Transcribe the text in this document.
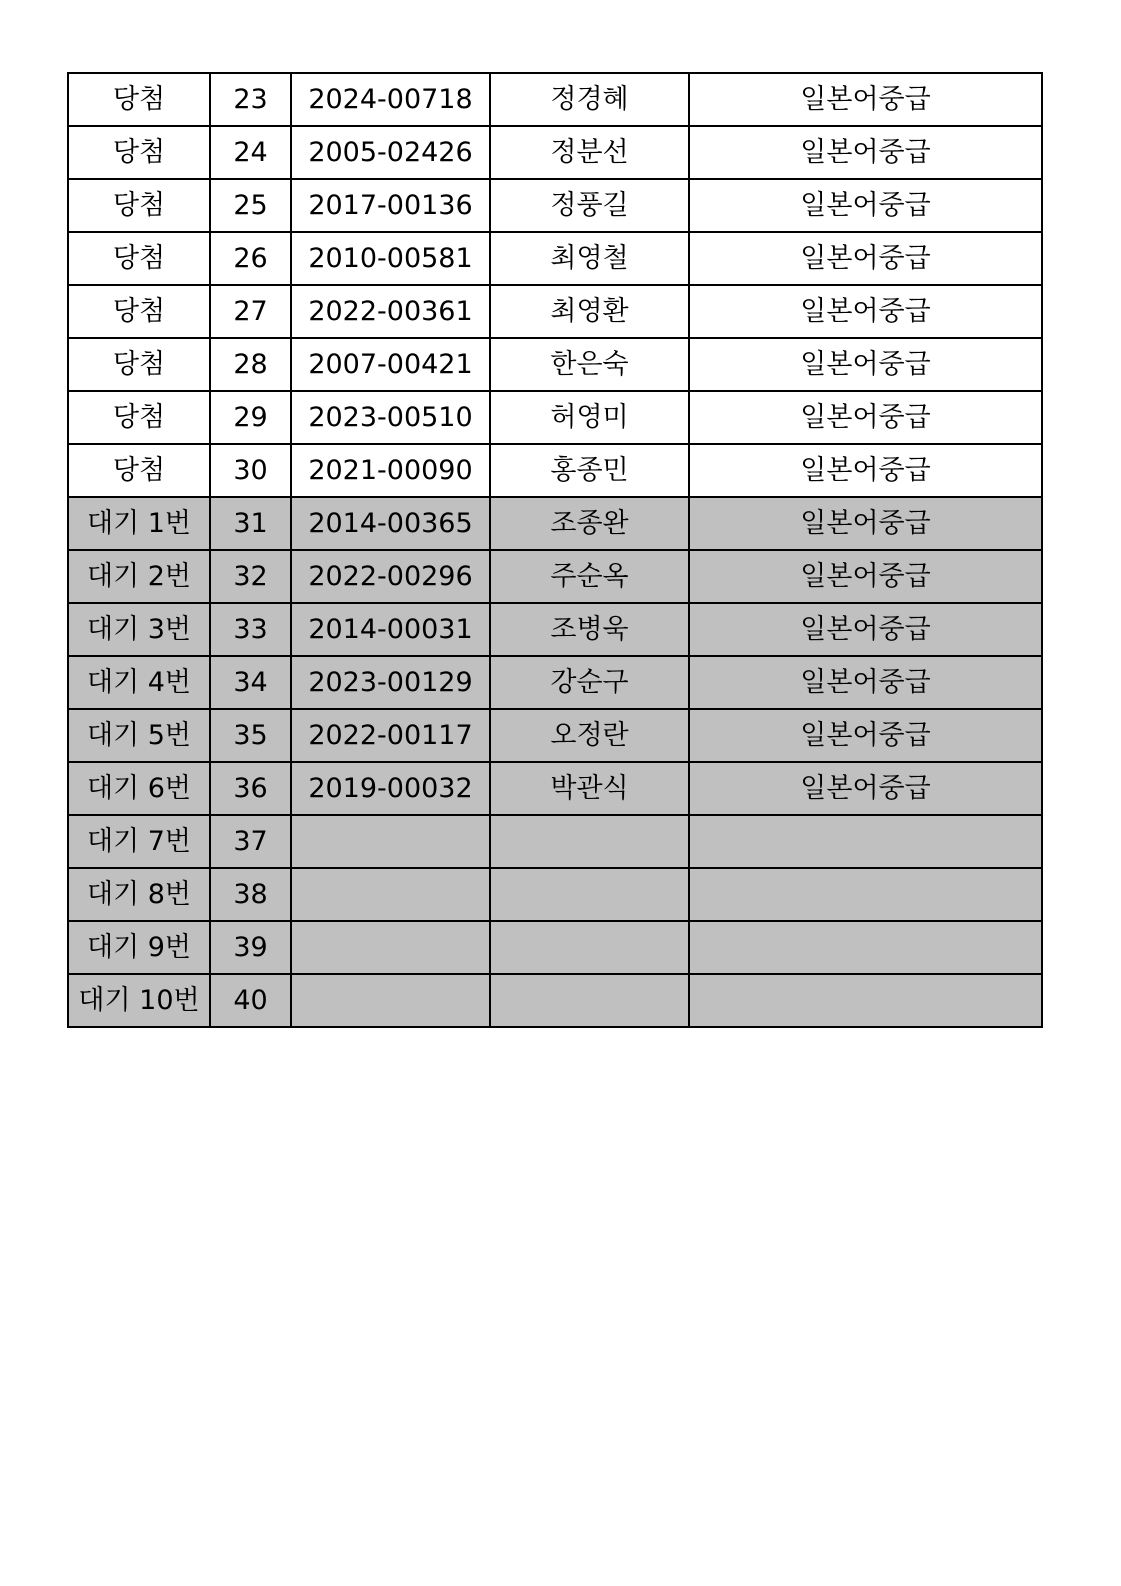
당첨	23	2024-00718	정경혜	일본어중급
당첨	24	2005-02426	정분선	일본어중급
당첨	25	2017-00136	정풍길	일본어중급
당첨	26	2010-00581	최영철	일본어중급
당첨	27	2022-00361	최영환	일본어중급
당첨	28	2007-00421	한은숙	일본어중급
당첨	29	2023-00510	허영미	일본어중급
당첨	30	2021-00090	홍종민	일본어중급
대기 1번	31	2014-00365	조종완	일본어중급
대기 2번	32	2022-00296	주순옥	일본어중급
대기 3번	33	2014-00031	조병욱	일본어중급
대기 4번	34	2023-00129	강순구	일본어중급
대기 5번	35	2022-00117	오정란	일본어중급
대기 6번	36	2019-00032	박관식	일본어중급
대기 7번	37			
대기 8번	38			
대기 9번	39			
대기 10번	40			
